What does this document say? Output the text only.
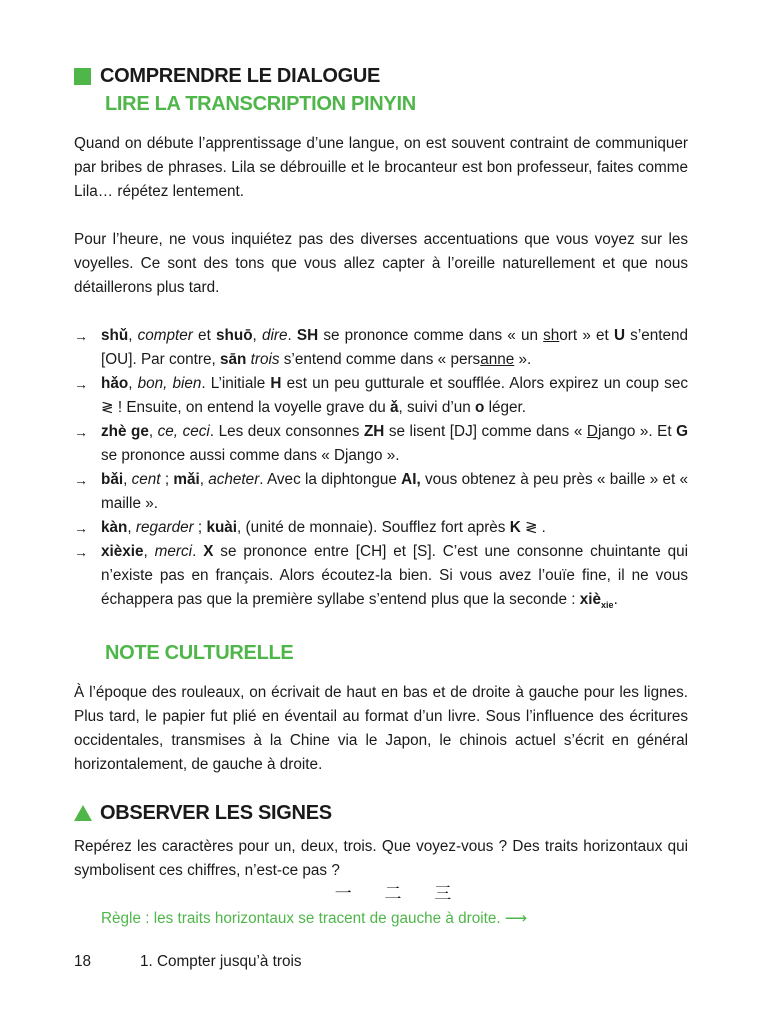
COMPRENDRE LE DIALOGUE
LIRE LA TRANSCRIPTION PINYIN

Quand on débute l’apprentissage d’une langue, on est souvent contraint de communiquer par bribes de phrases. Lila se débrouille et le brocanteur est bon professeur, faites comme Lila… répétez lentement.

Pour l’heure, ne vous inquiétez pas des diverses accentuations que vous voyez sur les voyelles. Ce sont des tons que vous allez capter à l’oreille naturellement et que nous détaillerons plus tard.

→ shǔ, compter et shuō, dire. SH se prononce comme dans « un short » et U s’entend [OU]. Par contre, sān trois s’entend comme dans « persanne ».
→ hǎo, bon, bien. L’initiale H est un peu gutturale et soufflée. Alors expirez un coup sec ≷ ! Ensuite, on entend la voyelle grave du ǎ, suivi d’un o léger.
→ zhè ge, ce, ceci. Les deux consonnes ZH se lisent [DJ] comme dans « Django ». Et G se prononce aussi comme dans « Django ».
→ bǎi, cent ; mǎi, acheter. Avec la diphtongue AI, vous obtenez à peu près « baille » et « maille ».
→ kàn, regarder ; kuài, (unité de monnaie). Soufflez fort après K ≷ .
→ xièxie, merci. X se prononce entre [CH] et [S]. C’est une consonne chuintante qui n’existe pas en français. Alors écoutez-la bien. Si vous avez l’ouïe fine, il ne vous échappera pas que la première syllabe s’entend plus que la seconde : xiè$_{xie}$.
NOTE CULTURELLE

À l’époque des rouleaux, on écrivait de haut en bas et de droite à gauche pour les lignes. Plus tard, le papier fut plié en éventail au format d’un livre. Sous l’influence des écritures occidentales, transmises à la Chine via le Japon, le chinois actuel s’écrit en général horizontalement, de gauche à droite.

OBSERVER LES SIGNES

Repérez les caractères pour un, deux, trois. Que voyez-vous ? Des traits horizontaux qui symbolisent ces chiffres, n’est-ce pas ?

一 二 三
Règle : les traits horizontaux se tracent de gauche à droite. ⟶
18	1. Compter jusqu’à trois
